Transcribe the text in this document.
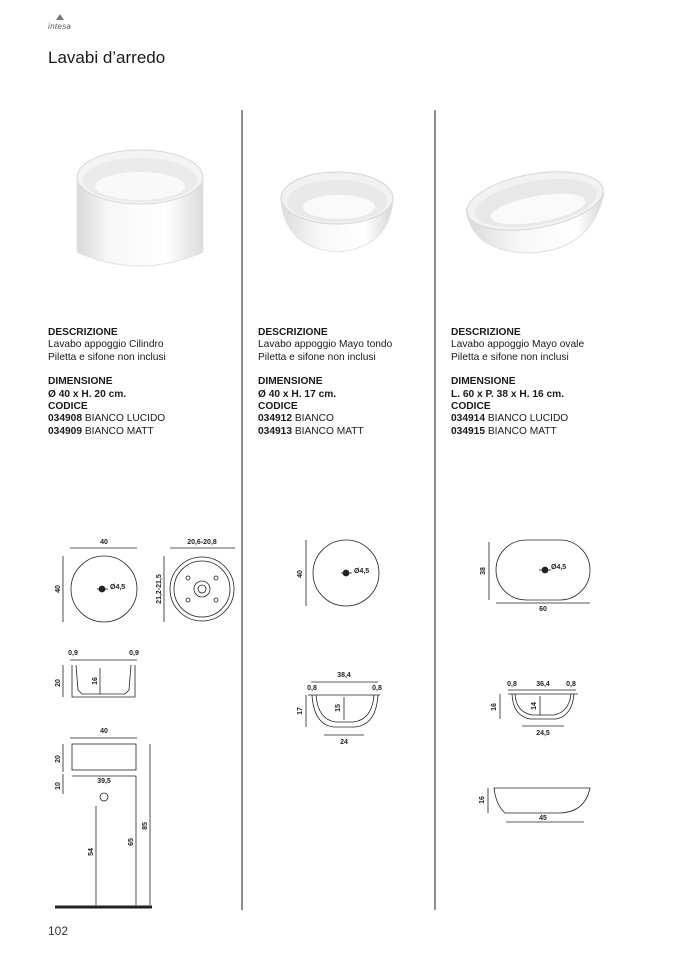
intesa
Lavabi d’arredo
DESCRIZIONE
Lavabo appoggio Cilindro
Piletta e sifone non inclusi
DIMENSIONE
Ø 40 x H. 20 cm.
CODICE
034908 BIANCO LUCIDO
034909 BIANCO MATT
DESCRIZIONE
Lavabo appoggio Mayo tondo
Piletta e sifone non inclusi
DIMENSIONE
Ø 40 x H. 17 cm.
CODICE
034912 BIANCO
034913 BIANCO MATT
DESCRIZIONE
Lavabo appoggio Mayo ovale
Piletta e sifone non inclusi
DIMENSIONE
L. 60 x P. 38 x H. 16 cm.
CODICE
034914 BIANCO LUCIDO
034915 BIANCO MATT
40
40	Ø4,5
20,6-20,8
21,2-21,5
0,9	0,9
20	16
40
39,5
20
10
54
65
85
40	Ø4,5
38,4
0,8	0,8
17	15
24
38	Ø4,5
60
0,8	36,4 0,8
16	14
24,5
16
45
102
